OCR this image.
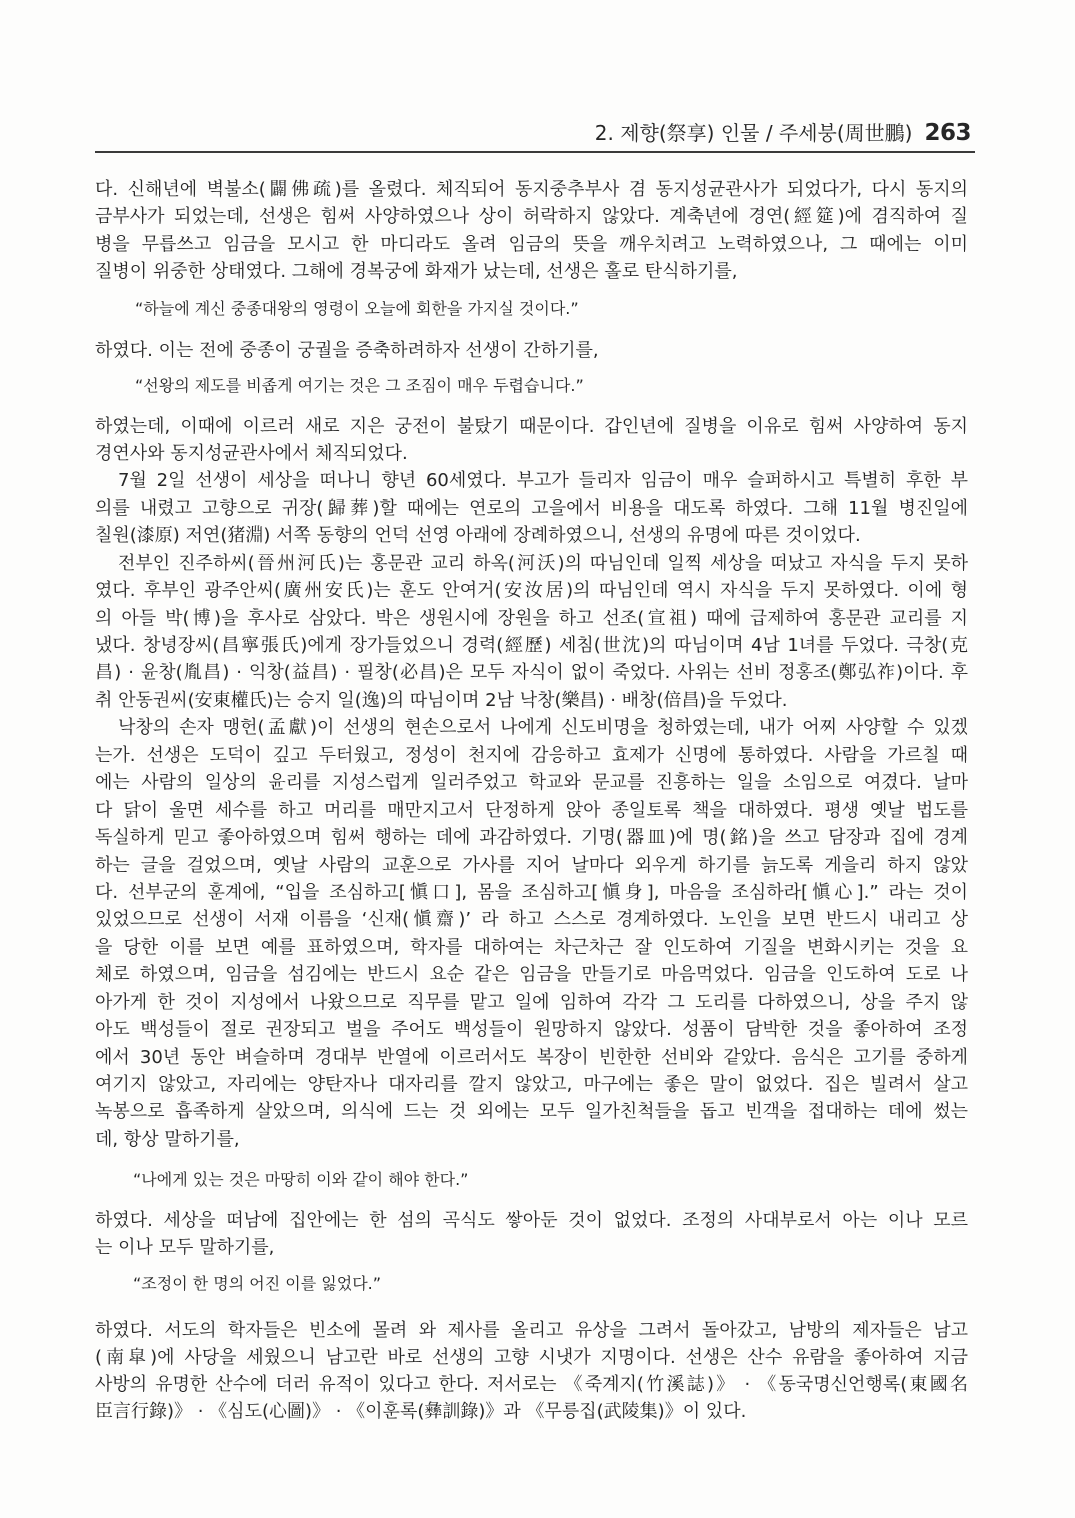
2. 제향(祭享) 인물 / 주세붕(周世鵬) 263
다. 신해년에 벽불소(闢佛疏)를 올렸다. 체직되어 동지중추부사 겸 동지성균관사가 되었다가, 다시 동지의
금부사가 되었는데, 선생은 힘써 사양하였으나 상이 허락하지 않았다. 계축년에 경연(經筵)에 겸직하여 질
병을 무릅쓰고 임금을 모시고 한 마디라도 올려 임금의 뜻을 깨우치려고 노력하였으나, 그 때에는 이미
질병이 위중한 상태였다. 그해에 경복궁에 화재가 났는데, 선생은 홀로 탄식하기를,
“하늘에 계신 중종대왕의 영령이 오늘에 회한을 가지실 것이다.”
하였다. 이는 전에 중종이 궁궐을 증축하려하자 선생이 간하기를,
“선왕의 제도를 비좁게 여기는 것은 그 조짐이 매우 두렵습니다.”
하였는데, 이때에 이르러 새로 지은 궁전이 불탔기 때문이다. 갑인년에 질병을 이유로 힘써 사양하여 동지
경연사와 동지성균관사에서 체직되었다.
7월 2일 선생이 세상을 떠나니 향년 60세였다. 부고가 들리자 임금이 매우 슬퍼하시고 특별히 후한 부
의를 내렸고 고향으로 귀장(歸葬)할 때에는 연로의 고을에서 비용을 대도록 하였다. 그해 11월 병진일에
칠원(漆原) 저연(猪淵) 서쪽 동향의 언덕 선영 아래에 장례하였으니, 선생의 유명에 따른 것이었다.
전부인 진주하씨(晉州河氏)는 홍문관 교리 하옥(河沃)의 따님인데 일찍 세상을 떠났고 자식을 두지 못하
였다. 후부인 광주안씨(廣州安氏)는 훈도 안여거(安汝居)의 따님인데 역시 자식을 두지 못하였다. 이에 형
의 아들 박(博)을 후사로 삼았다. 박은 생원시에 장원을 하고 선조(宣祖) 때에 급제하여 홍문관 교리를 지
냈다. 창녕장씨(昌寧張氏)에게 장가들었으니 경력(經歷) 세침(世沈)의 따님이며 4남 1녀를 두었다. 극창(克
昌) · 윤창(胤昌) · 익창(益昌) · 필창(必昌)은 모두 자식이 없이 죽었다. 사위는 선비 정홍조(鄭弘祚)이다. 후
취 안동권씨(安東權氏)는 승지 일(逸)의 따님이며 2남 낙창(樂昌) · 배창(倍昌)을 두었다.
낙창의 손자 맹헌(孟獻)이 선생의 현손으로서 나에게 신도비명을 청하였는데, 내가 어찌 사양할 수 있겠
는가. 선생은 도덕이 깊고 두터웠고, 정성이 천지에 감응하고 효제가 신명에 통하였다. 사람을 가르칠 때
에는 사람의 일상의 윤리를 지성스럽게 일러주었고 학교와 문교를 진흥하는 일을 소임으로 여겼다. 날마
다 닭이 울면 세수를 하고 머리를 매만지고서 단정하게 앉아 종일토록 책을 대하였다. 평생 옛날 법도를
독실하게 믿고 좋아하였으며 힘써 행하는 데에 과감하였다. 기명(器皿)에 명(銘)을 쓰고 담장과 집에 경계
하는 글을 걸었으며, 옛날 사람의 교훈으로 가사를 지어 날마다 외우게 하기를 늙도록 게을리 하지 않았
다. 선부군의 훈계에, “입을 조심하고[愼口], 몸을 조심하고[愼身], 마음을 조심하라[愼心].” 라는 것이
있었으므로 선생이 서재 이름을 ‘신재(愼齋)’ 라 하고 스스로 경계하였다. 노인을 보면 반드시 내리고 상
을 당한 이를 보면 예를 표하였으며, 학자를 대하여는 차근차근 잘 인도하여 기질을 변화시키는 것을 요
체로 하였으며, 임금을 섬김에는 반드시 요순 같은 임금을 만들기로 마음먹었다. 임금을 인도하여 도로 나
아가게 한 것이 지성에서 나왔으므로 직무를 맡고 일에 임하여 각각 그 도리를 다하였으니, 상을 주지 않
아도 백성들이 절로 권장되고 벌을 주어도 백성들이 원망하지 않았다. 성품이 담박한 것을 좋아하여 조정
에서 30년 동안 벼슬하며 경대부 반열에 이르러서도 복장이 빈한한 선비와 같았다. 음식은 고기를 중하게
여기지 않았고, 자리에는 양탄자나 대자리를 깔지 않았고, 마구에는 좋은 말이 없었다. 집은 빌려서 살고
녹봉으로 흡족하게 살았으며, 의식에 드는 것 외에는 모두 일가친척들을 돕고 빈객을 접대하는 데에 썼는
데, 항상 말하기를,
“나에게 있는 것은 마땅히 이와 같이 해야 한다.”
하였다. 세상을 떠남에 집안에는 한 섬의 곡식도 쌓아둔 것이 없었다. 조정의 사대부로서 아는 이나 모르
는 이나 모두 말하기를,
“조정이 한 명의 어진 이를 잃었다.”
하였다. 서도의 학자들은 빈소에 몰려 와 제사를 올리고 유상을 그려서 돌아갔고, 남방의 제자들은 남고
(南皐)에 사당을 세웠으니 남고란 바로 선생의 고향 시냇가 지명이다. 선생은 산수 유람을 좋아하여 지금
사방의 유명한 산수에 더러 유적이 있다고 한다. 저서로는 《죽계지(竹溪誌)》 · 《동국명신언행록(東國名
臣言行錄)》 · 《심도(心圖)》 · 《이훈록(彝訓錄)》과 《무릉집(武陵集)》이 있다.
